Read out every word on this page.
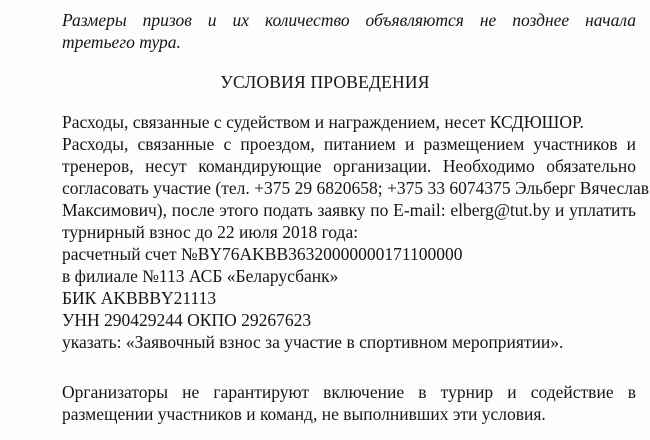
Размеры призов и их количество объявляются не позднее начала
третьего тура.
УСЛОВИЯ ПРОВЕДЕНИЯ
Расходы, связанные с судейством и награждением, несет КСДЮШОР.
Расходы, связанные с проездом, питанием и размещением участников и
тренеров, несут командирующие организации. Необходимо обязательно
согласовать участие (тел. +375 29 6820658; +375 33 6074375 Эльберг Вячеслав
Максимович), после этого подать заявку по E-mail: elberg@tut.by и уплатить
турнирный взнос до 22 июля 2018 года:
расчетный счет №BY76AKBB36320000000171100000
в филиале №113 АСБ «Беларусбанк»
БИК AKBBBY21113
УНН 290429244 ОКПО 29267623
указать: «Заявочный взнос за участие в спортивном мероприятии».
Организаторы не гарантируют включение в турнир и содействие в
размещении участников и команд, не выполнивших эти условия.
